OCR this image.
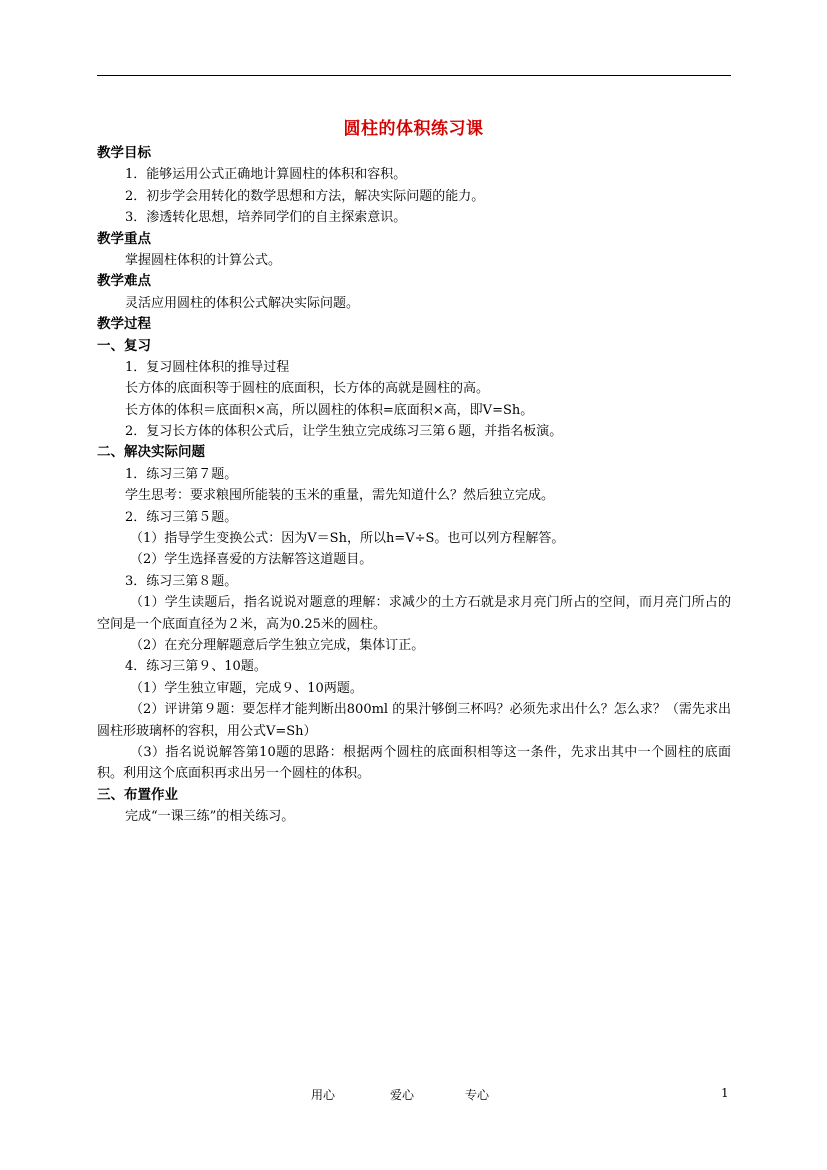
圆柱的体积练习课
教学目标
1．能够运用公式正确地计算圆柱的体积和容积。
2．初步学会用转化的数学思想和方法，解决实际问题的能力。
3．渗透转化思想，培养同学们的自主探索意识。
教学重点
掌握圆柱体积的计算公式。
教学难点
灵活应用圆柱的体积公式解决实际问题。
教学过程
一、复习
1．复习圆柱体积的推导过程
长方体的底面积等于圆柱的底面积，长方体的高就是圆柱的高。
长方体的体积＝底面积×高，所以圆柱的体积=底面积×高，即V=Sh。
2．复习长方体的体积公式后，让学生独立完成练习三第６题，并指名板演。
二、解决实际问题
1．练习三第７题。
学生思考：要求粮囤所能装的玉米的重量，需先知道什么？然后独立完成。
2．练习三第５题。
（1）指导学生变换公式：因为V＝Sh，所以h=V÷S。也可以列方程解答。
（2）学生选择喜爱的方法解答这道题目。
3．练习三第８题。
（1）学生读题后，指名说说对题意的理解：求减少的土方石就是求月亮门所占的空间，而月亮门所占的空间是一个底面直径为２米，高为0.25米的圆柱。
（2）在充分理解题意后学生独立完成，集体订正。
4．练习三第９、10题。
（1）学生独立审题，完成９、10两题。
（2）评讲第９题：要怎样才能判断出800ml 的果汁够倒三杯吗？必须先求出什么？怎么求？（需先求出圆柱形玻璃杯的容积，用公式V=Sh）
（3）指名说说解答第10题的思路：根据两个圆柱的底面积相等这一条件，先求出其中一个圆柱的底面积。利用这个底面积再求出另一个圆柱的体积。
三、布置作业
完成“一课三练”的相关练习。
用心	爱心	专心	1
